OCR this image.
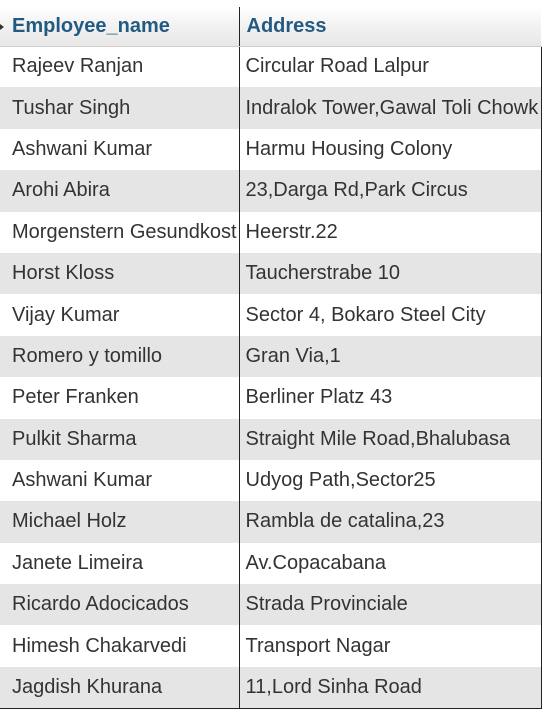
Employee_name	Address
Rajeev Ranjan	Circular Road Lalpur
Tushar Singh	Indralok Tower,Gawal Toli Chowk
Ashwani Kumar	Harmu Housing Colony
Arohi Abira	23,Darga Rd,Park Circus
Morgenstern Gesundkost	Heerstr.22
Horst Kloss	Taucherstrabe 10
Vijay Kumar	Sector 4, Bokaro Steel City
Romero y tomillo	Gran Via,1
Peter Franken	Berliner Platz 43
Pulkit Sharma	Straight Mile Road,Bhalubasa
Ashwani Kumar	Udyog Path,Sector25
Michael Holz	Rambla de catalina,23
Janete Limeira	Av.Copacabana
Ricardo Adocicados	Strada Provinciale
Himesh Chakarvedi	Transport Nagar
Jagdish Khurana	11,Lord Sinha Road
